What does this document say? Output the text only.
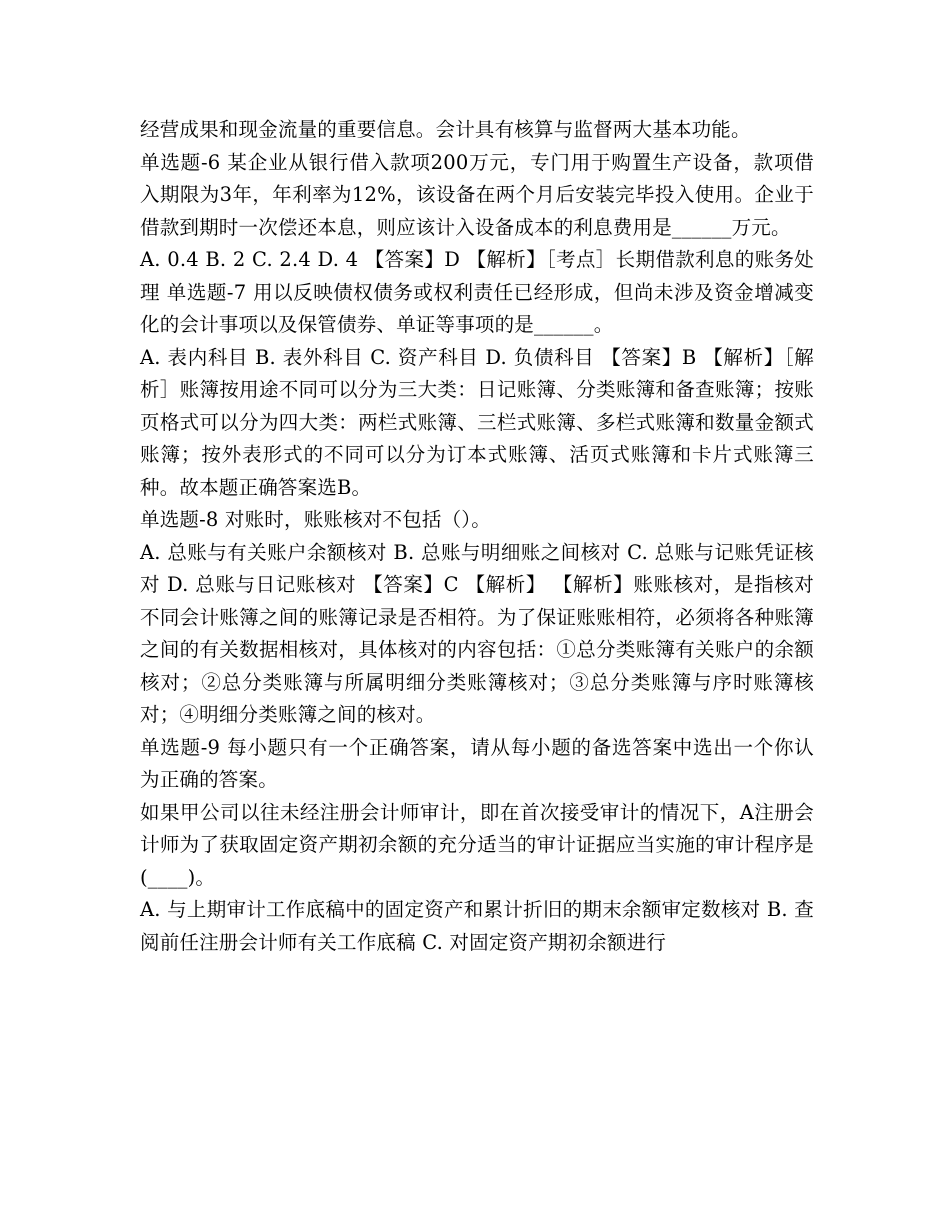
经营成果和现金流量的重要信息。会计具有核算与监督两大基本功能。

单选题-6 某企业从银行借入款项200万元，专门用于购置生产设备，款项借入期限为3年，年利率为12%，该设备在两个月后安装完毕投入使用。企业于借款到期时一次偿还本息，则应该计入设备成本的利息费用是______万元。

A. 0.4 B. 2 C. 2.4 D. 4 【答案】D 【解析】［考点］长期借款利息的账务处理 单选题-7 用以反映债权债务或权利责任已经形成，但尚未涉及资金增减变化的会计事项以及保管债券、单证等事项的是______。

A. 表内科目 B. 表外科目 C. 资产科目 D. 负债科目 【答案】B 【解析】［解析］账簿按用途不同可以分为三大类：日记账簿、分类账簿和备查账簿；按账页格式可以分为四大类：两栏式账簿、三栏式账簿、多栏式账簿和数量金额式账簿；按外表形式的不同可以分为订本式账簿、活页式账簿和卡片式账簿三种。故本题正确答案选B。

单选题-8 对账时，账账核对不包括（）。

A. 总账与有关账户余额核对 B. 总账与明细账之间核对 C. 总账与记账凭证核对 D. 总账与日记账核对 【答案】C 【解析】 【解析】账账核对，是指核对不同会计账簿之间的账簿记录是否相符。为了保证账账相符，必须将各种账簿之间的有关数据相核对，具体核对的内容包括：①总分类账簿有关账户的余额核对；②总分类账簿与所属明细分类账簿核对；③总分类账簿与序时账簿核对；④明细分类账簿之间的核对。

单选题-9 每小题只有一个正确答案，请从每小题的备选答案中选出一个你认为正确的答案。

如果甲公司以往未经注册会计师审计，即在首次接受审计的情况下，A注册会计师为了获取固定资产期初余额的充分适当的审计证据应当实施的审计程序是(____)。

A. 与上期审计工作底稿中的固定资产和累计折旧的期末余额审定数核对 B. 查阅前任注册会计师有关工作底稿 C. 对固定资产期初余额进行
